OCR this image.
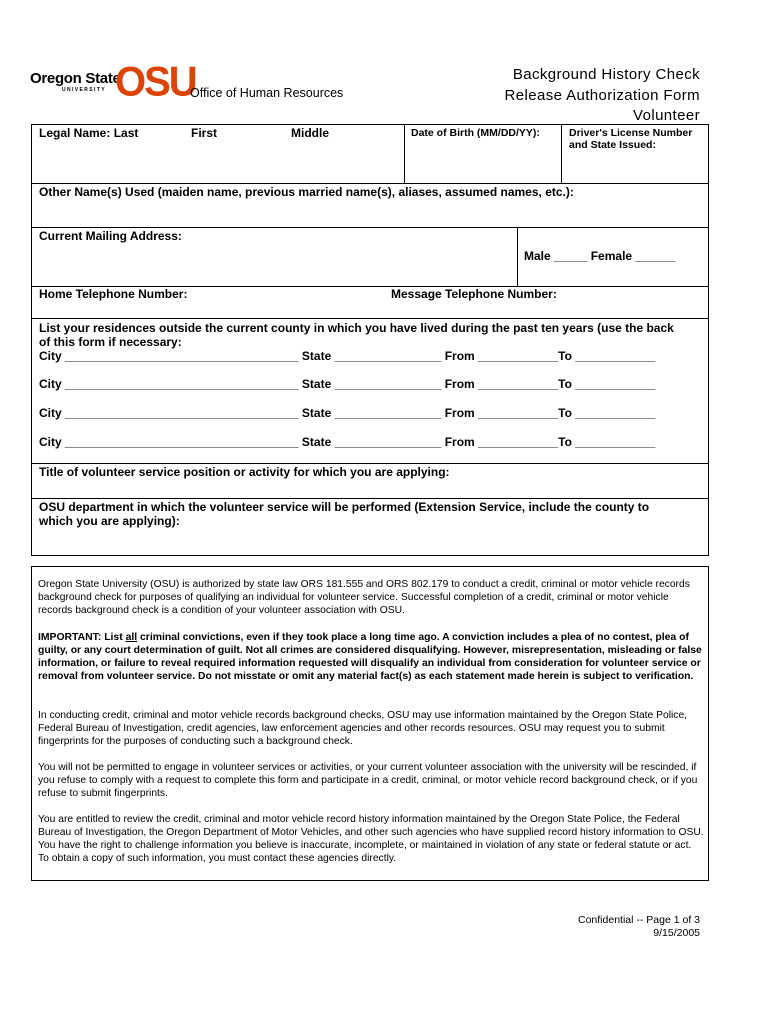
Oregon State
UNIVERSITY OSU
Office of Human Resources
Background History Check
Release Authorization Form
Volunteer
Legal Name: Last	First	Middle	Date of Birth (MM/DD/YY):	Driver's License Number
and State Issued:
Other Name(s) Used (maiden name, previous married name(s), aliases, assumed names, etc.):
Current Mailing Address:
Male _____ Female ______
Home Telephone Number:	Message Telephone Number:
List your residences outside the current county in which you have lived during the past ten years (use the back
of this form if necessary:
City ___________________________________ State ________________ From ____________To ____________
City ___________________________________ State ________________ From ____________To ____________
City ___________________________________ State ________________ From ____________To ____________
City ___________________________________ State ________________ From ____________To ____________
Title of volunteer service position or activity for which you are applying:
OSU department in which the volunteer service will be performed (Extension Service, include the county to
which you are applying):
Oregon State University (OSU) is authorized by state law ORS 181.555 and ORS 802.179 to conduct a credit, criminal or motor vehicle records background check for purposes of qualifying an individual for volunteer service. Successful completion of a credit, criminal or motor vehicle records background check is a condition of your volunteer association with OSU.
IMPORTANT: List all criminal convictions, even if they took place a long time ago. A conviction includes a plea of no contest, plea of guilty, or any court determination of guilt. Not all crimes are considered disqualifying. However, misrepresentation, misleading or false information, or failure to reveal required information requested will disqualify an individual from consideration for volunteer service or removal from volunteer service. Do not misstate or omit any material fact(s) as each statement made herein is subject to verification.
In conducting credit, criminal and motor vehicle records background checks, OSU may use information maintained by the Oregon State Police, Federal Bureau of Investigation, credit agencies, law enforcement agencies and other records resources. OSU may request you to submit fingerprints for the purposes of conducting such a background check.
You will not be permitted to engage in volunteer services or activities, or your current volunteer association with the university will be rescinded, if you refuse to comply with a request to complete this form and participate in a credit, criminal, or motor vehicle record background check, or if you refuse to submit fingerprints.
You are entitled to review the credit, criminal and motor vehicle record history information maintained by the Oregon State Police, the Federal Bureau of Investigation, the Oregon Department of Motor Vehicles, and other such agencies who have supplied record history information to OSU. You have the right to challenge information you believe is inaccurate, incomplete, or maintained in violation of any state or federal statute or act. To obtain a copy of such information, you must contact these agencies directly.
Confidential -- Page 1 of 3
9/15/2005
